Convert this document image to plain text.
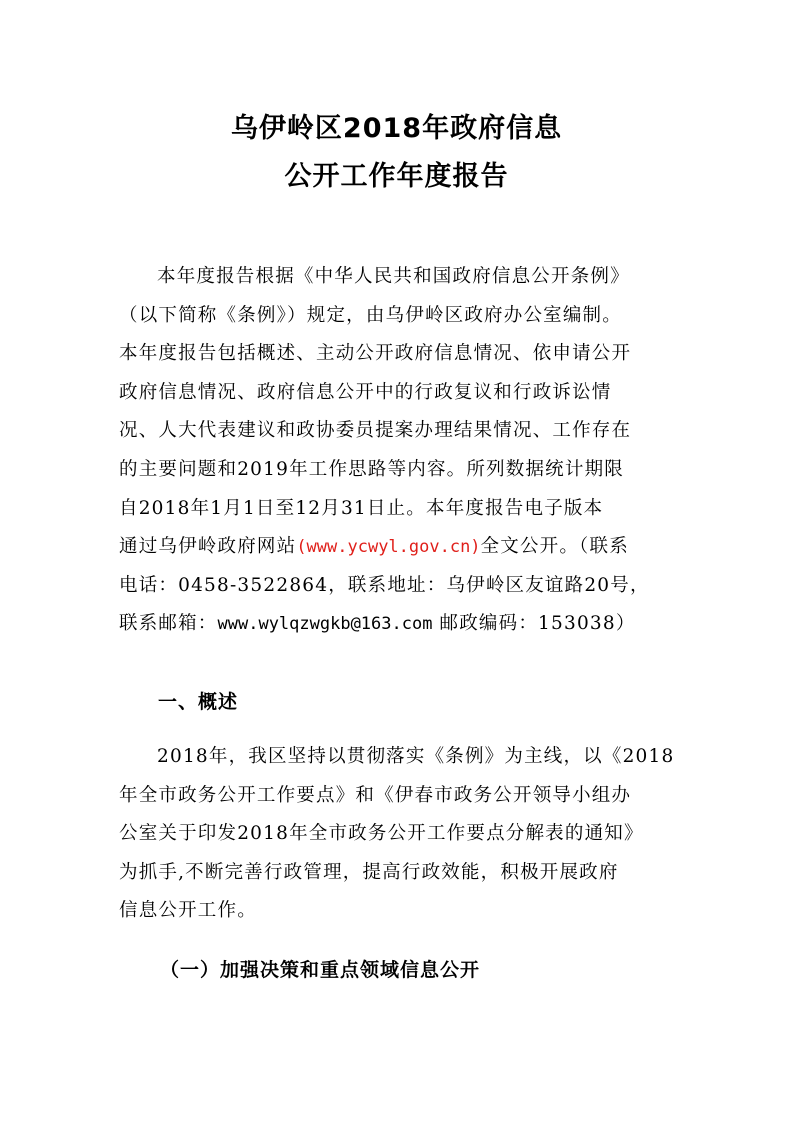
乌伊岭区2018年政府信息
公开工作年度报告
本年度报告根据《中华人民共和国政府信息公开条例》
（以下简称《条例》）规定，由乌伊岭区政府办公室编制。
本年度报告包括概述、主动公开政府信息情况、依申请公开
政府信息情况、政府信息公开中的行政复议和行政诉讼情
况、人大代表建议和政协委员提案办理结果情况、工作存在
的主要问题和2019年工作思路等内容。所列数据统计期限
自2018年1月1日至12月31日止。本年度报告电子版本
通过乌伊岭政府网站(www.ycwyl.gov.cn)全文公开。（联系
电话：0458-3522864，联系地址：乌伊岭区友谊路20号，
联系邮箱：www.wylqzwgkb@163.com 邮政编码：153038）
一、概述
2018年，我区坚持以贯彻落实《条例》为主线，以《2018
年全市政务公开工作要点》和《伊春市政务公开领导小组办
公室关于印发2018年全市政务公开工作要点分解表的通知》
为抓手,不断完善行政管理，提高行政效能，积极开展政府
信息公开工作。
（一）加强决策和重点领域信息公开
